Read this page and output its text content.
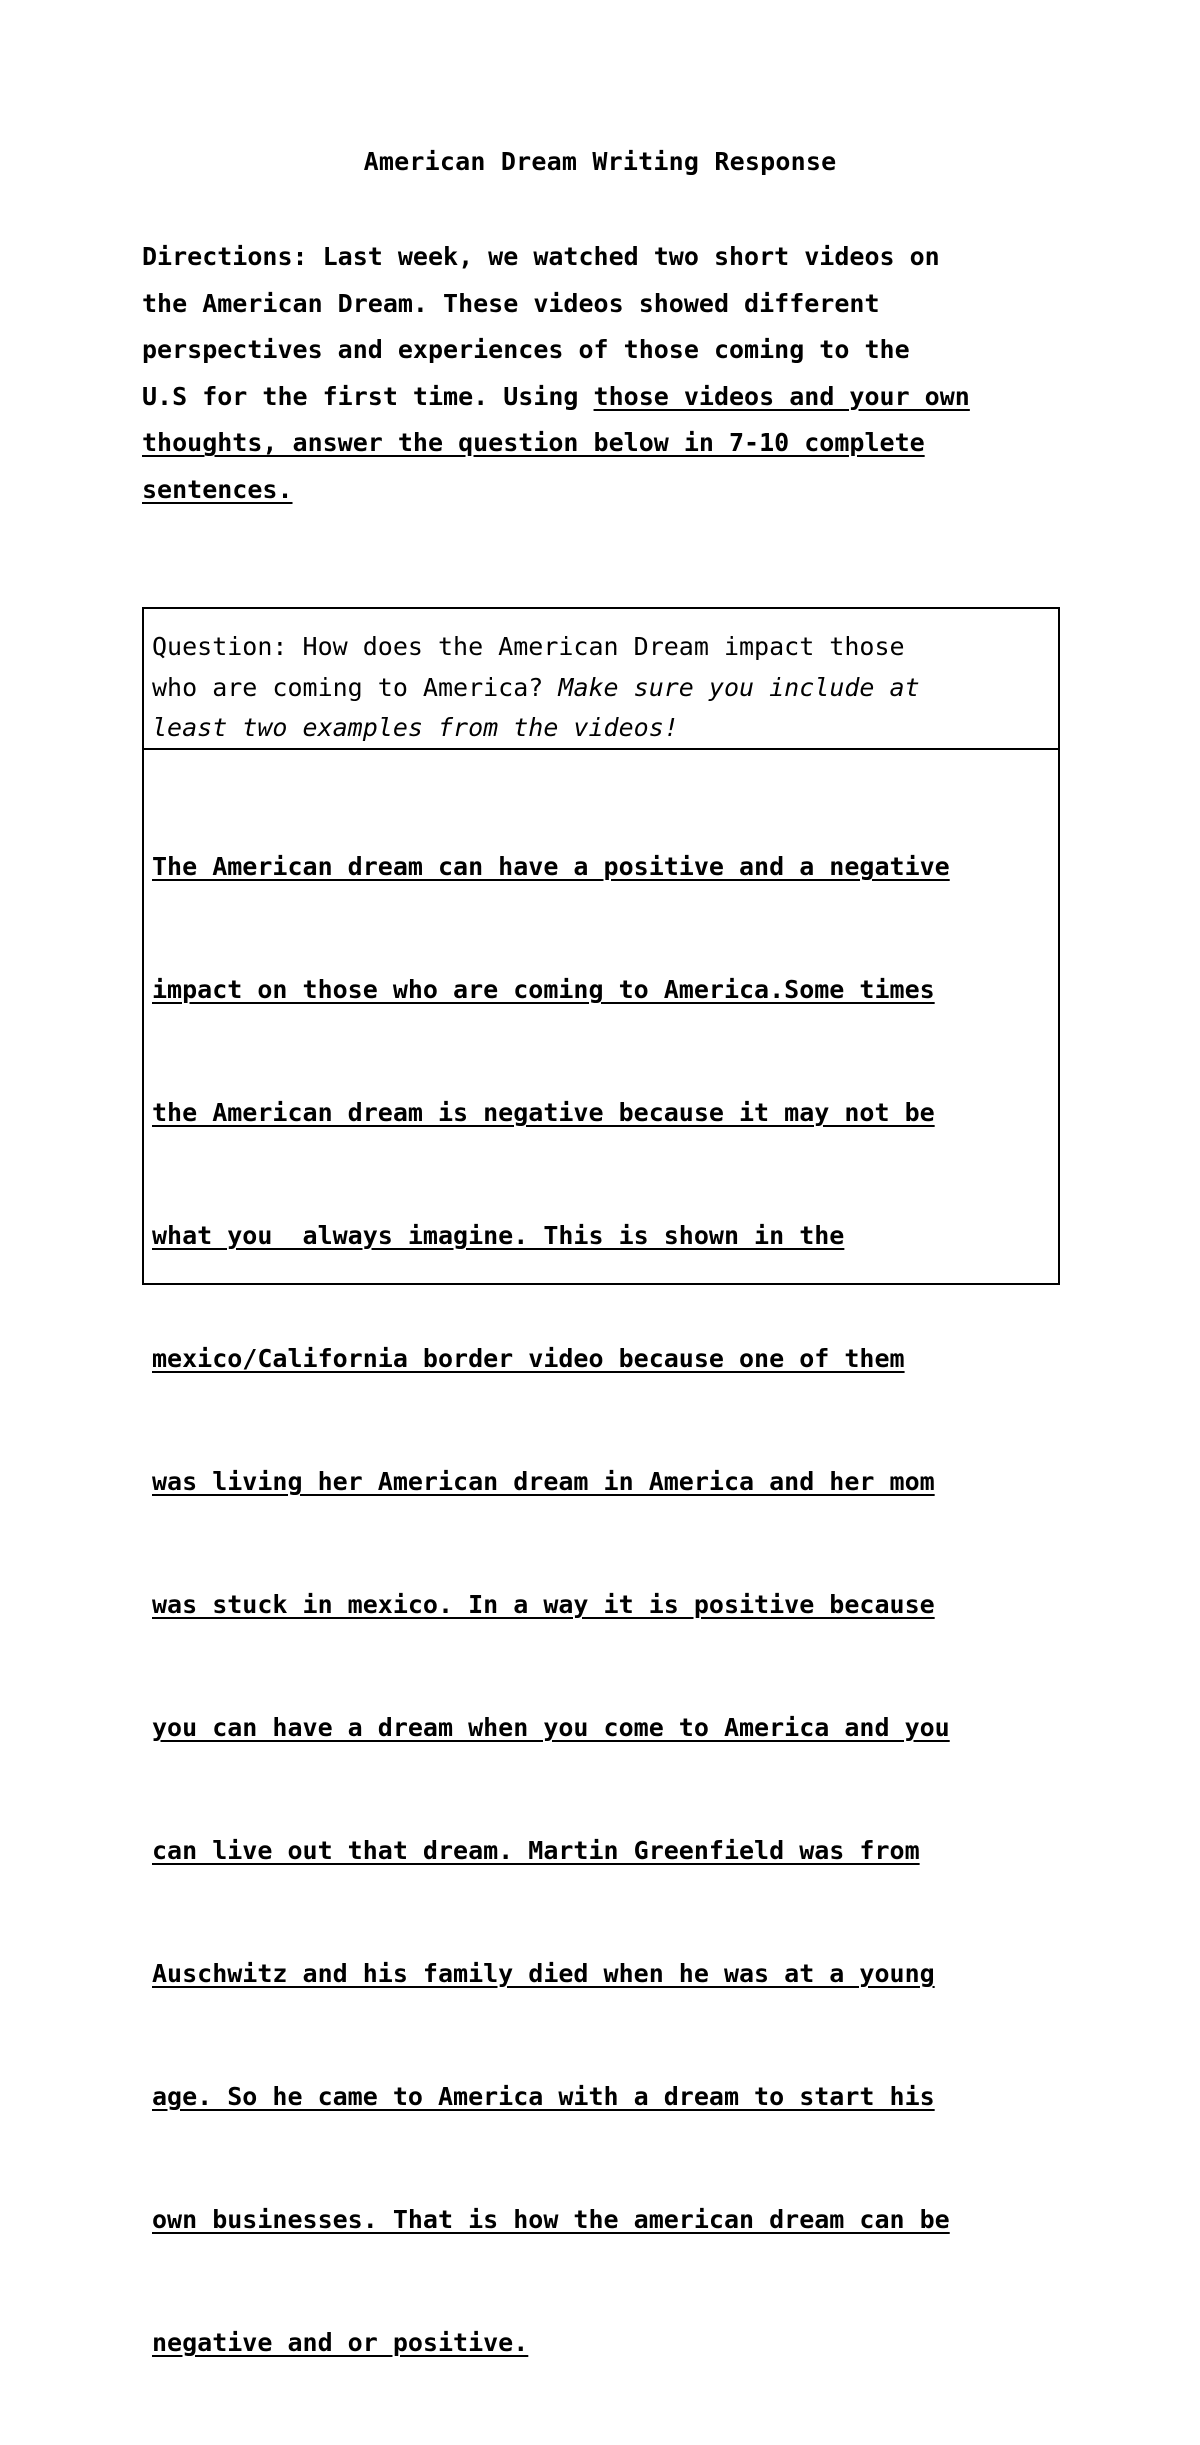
American Dream Writing Response
Directions: Last week, we watched two short videos on
the American Dream. These videos showed different
perspectives and experiences of those coming to the
U.S for the first time. Using those videos and your own
thoughts, answer the question below in 7-10 complete
sentences.
Question: How does the American Dream impact those
who are coming to America? Make sure you include at
least two examples from the videos!

The American dream can have a positive and a negative

impact on those who are coming to America.Some times

the American dream is negative because it may not be

what you  always imagine. This is shown in the

mexico/California border video because one of them

was living her American dream in America and her mom

was stuck in mexico. In a way it is positive because

you can have a dream when you come to America and you

can live out that dream. Martin Greenfield was from

Auschwitz and his family died when he was at a young

age. So he came to America with a dream to start his

own businesses. That is how the american dream can be

negative and or positive.
